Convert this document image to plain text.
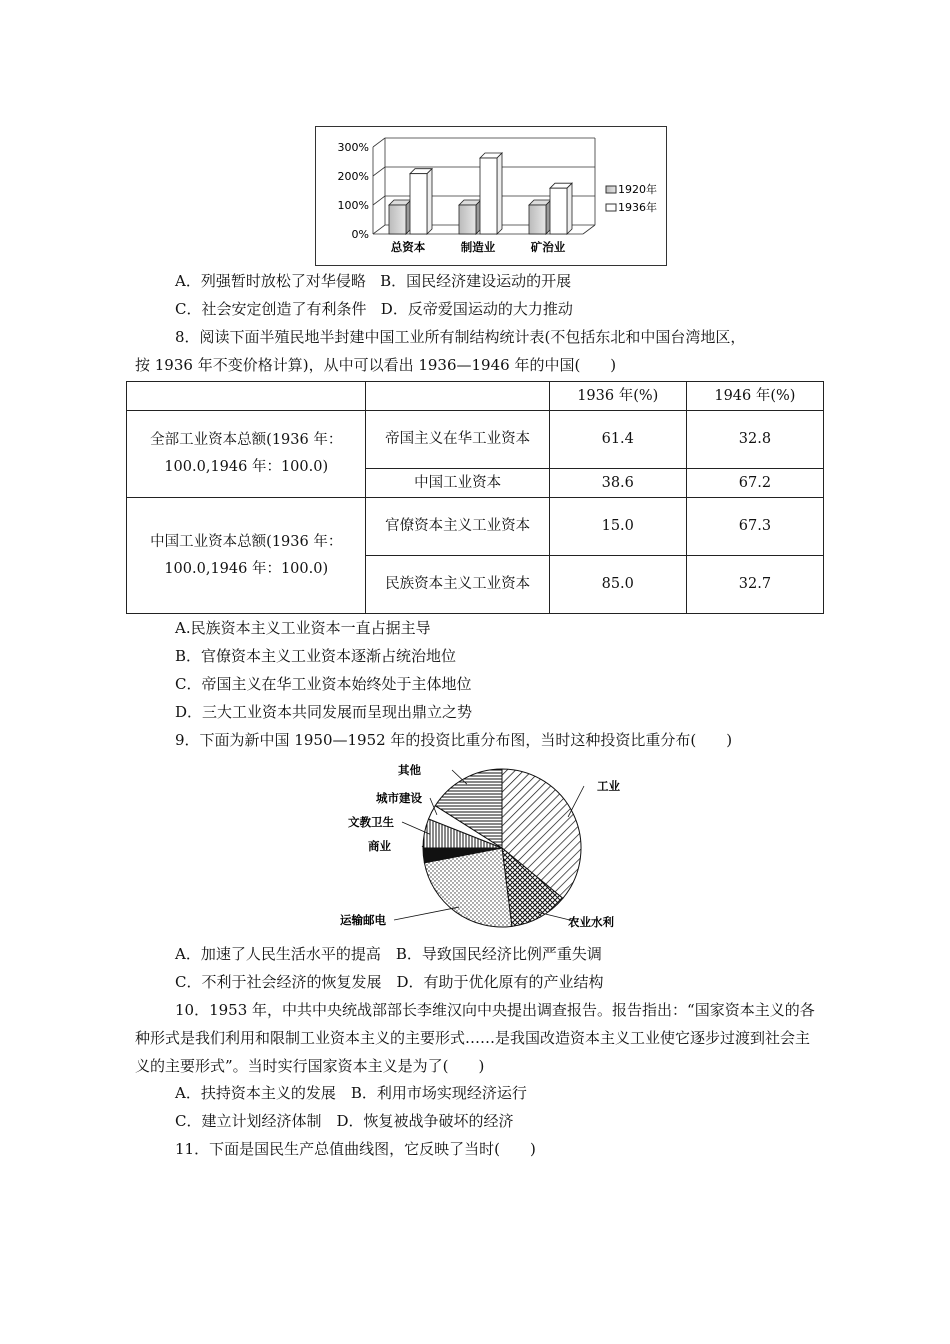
0%
100%
200%
300%
总资本	制造业	矿治业
1920年
1936年
A．列强暂时放松了对华侵略 B．国民经济建设运动的开展
C．社会安定创造了有利条件 D．反帝爱国运动的大力推动
8．阅读下面半殖民地半封建中国工业所有制结构统计表(不包括东北和中国台湾地区，
按 1936 年不变价格计算)，从中可以看出 1936—1946 年的中国(　　)
		1936 年(%)	1946 年(%)
全部工业资本总额(1936 年：100.0,1946 年：100.0)	帝国主义在华工业资本	61.4	32.8
	中国工业资本	38.6	67.2
中国工业资本总额(1936 年：100.0,1946 年：100.0)	官僚资本主义工业资本	15.0	67.3
	民族资本主义工业资本	85.0	32.7
A.民族资本主义工业资本一直占据主导
B．官僚资本主义工业资本逐渐占统治地位
C．帝国主义在华工业资本始终处于主体地位
D．三大工业资本共同发展而呈现出鼎立之势
9．下面为新中国 1950—1952 年的投资比重分布图，当时这种投资比重分布(　　)
工业
农业水利
运输邮电
商业
文教卫生
城市建设
其他
A．加速了人民生活水平的提高　B．导致国民经济比例严重失调
C．不利于社会经济的恢复发展　D．有助于优化原有的产业结构
10．1953 年，中共中央统战部部长李维汉向中央提出调查报告。报告指出：“国家资本主义的各种形式是我们利用和限制工业资本主义的主要形式……是我国改造资本主义工业使它逐步过渡到社会主义的主要形式”。当时实行国家资本主义是为了(　　)
A．扶持资本主义的发展　B．利用市场实现经济运行
C．建立计划经济体制　D．恢复被战争破坏的经济
11．下面是国民生产总值曲线图，它反映了当时(　　)
